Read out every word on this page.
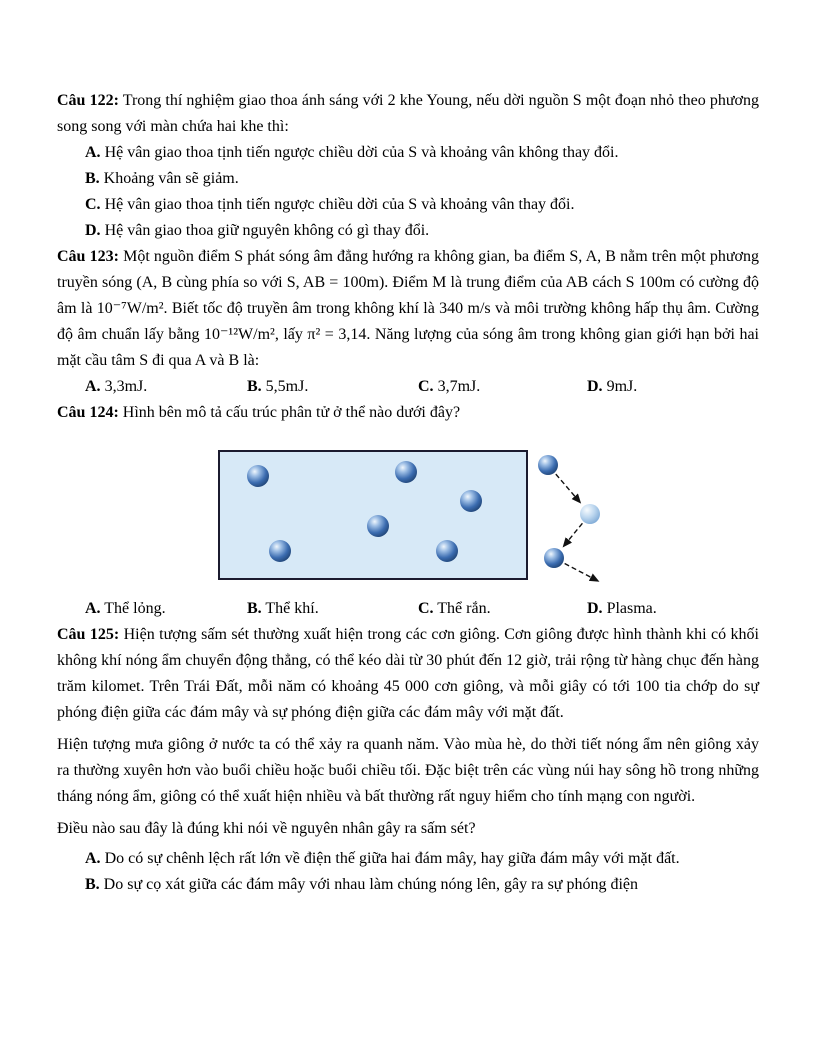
Câu 122: Trong thí nghiệm giao thoa ánh sáng với 2 khe Young, nếu dời nguồn S một đoạn nhỏ theo phương song song với màn chứa hai khe thì:

A. Hệ vân giao thoa tịnh tiến ngược chiều dời của S và khoảng vân không thay đổi.

B. Khoảng vân sẽ giảm.

C. Hệ vân giao thoa tịnh tiến ngược chiều dời của S và khoảng vân thay đổi.

D. Hệ vân giao thoa giữ nguyên không có gì thay đổi.

Câu 123: Một nguồn điểm S phát sóng âm đẳng hướng ra không gian, ba điểm S, A, B nằm trên một phương truyền sóng (A, B cùng phía so với S, AB = 100m). Điểm M là trung điểm của AB cách S 100m có cường độ âm là 10⁻⁷W/m². Biết tốc độ truyền âm trong không khí là 340 m/s và môi trường không hấp thụ âm. Cường độ âm chuẩn lấy bằng 10⁻¹²W/m², lấy π² = 3,14. Năng lượng của sóng âm trong không gian giới hạn bởi hai mặt cầu tâm S đi qua A và B là:

A. 3,3mJ.	B. 5,5mJ.	C. 3,7mJ.	D. 9mJ.

Câu 124: Hình bên mô tả cấu trúc phân tử ở thể nào dưới đây?

A. Thể lỏng.	B. Thể khí.	C. Thể rắn.	D. Plasma.

Câu 125: Hiện tượng sấm sét thường xuất hiện trong các cơn giông. Cơn giông được hình thành khi có khối không khí nóng ẩm chuyển động thẳng, có thể kéo dài từ 30 phút đến 12 giờ, trải rộng từ hàng chục đến hàng trăm kilomet. Trên Trái Đất, mỗi năm có khoảng 45 000 cơn giông, và mỗi giây có tới 100 tia chớp do sự phóng điện giữa các đám mây và sự phóng điện giữa các đám mây với mặt đất.

Hiện tượng mưa giông ở nước ta có thể xảy ra quanh năm. Vào mùa hè, do thời tiết nóng ẩm nên giông xảy ra thường xuyên hơn vào buổi chiều hoặc buổi chiều tối. Đặc biệt trên các vùng núi hay sông hồ trong những tháng nóng ẩm, giông có thể xuất hiện nhiều và bất thường rất nguy hiểm cho tính mạng con người.

Điều nào sau đây là đúng khi nói về nguyên nhân gây ra sấm sét?

A. Do có sự chênh lệch rất lớn về điện thế giữa hai đám mây, hay giữa đám mây với mặt đất.

B. Do sự cọ xát giữa các đám mây với nhau làm chúng nóng lên, gây ra sự phóng điện
